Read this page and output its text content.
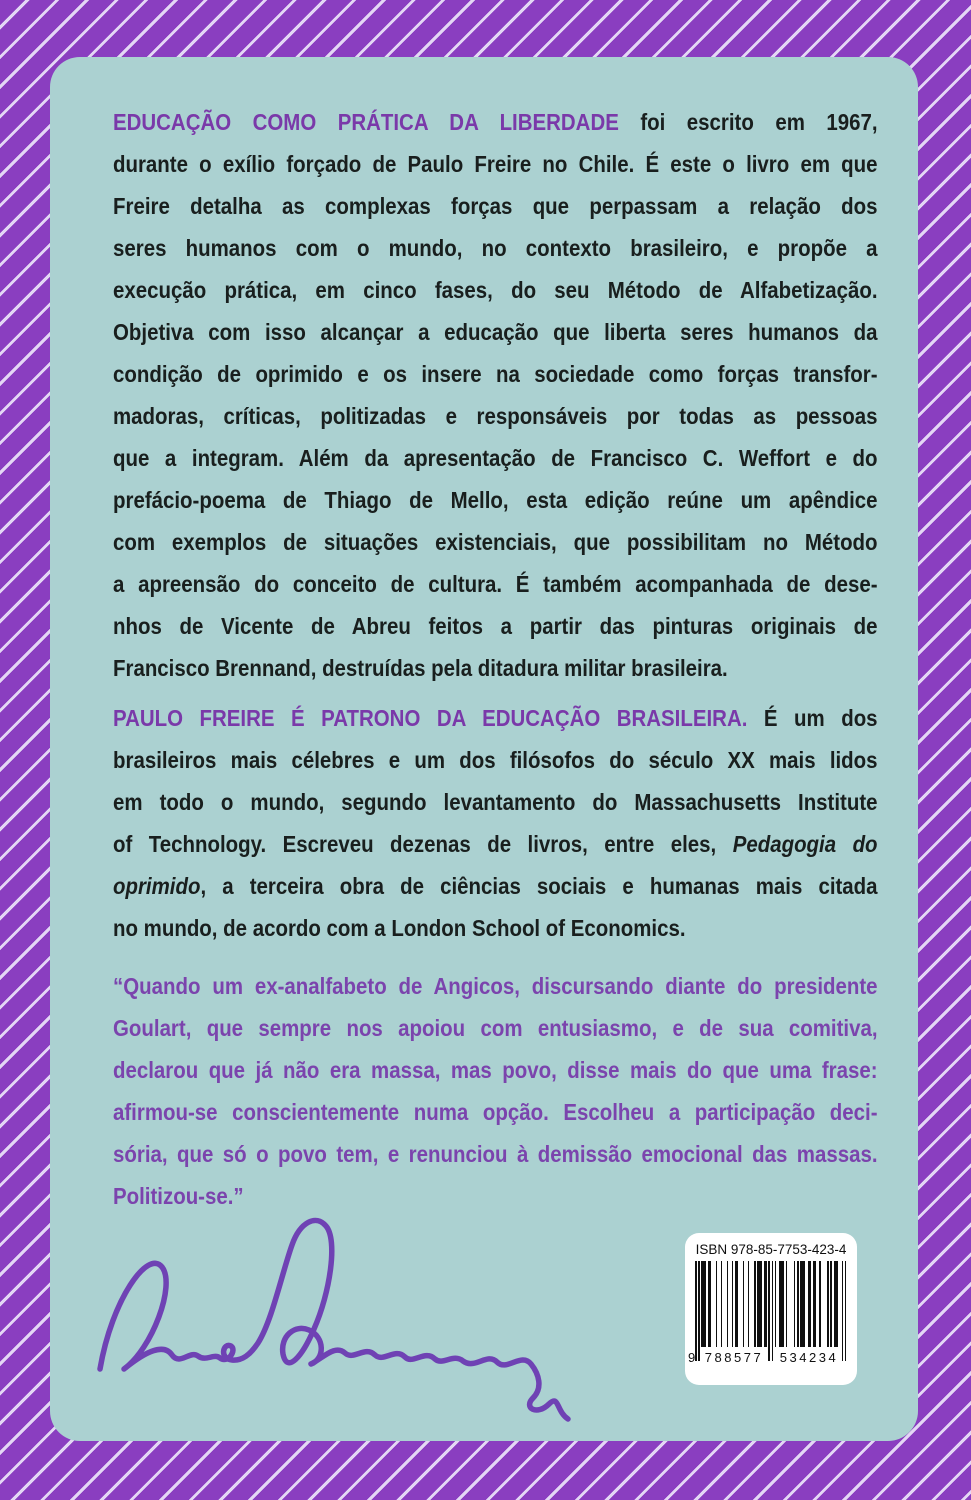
EDUCAÇÃO COMO PRÁTICA DA LIBERDADE foi escrito em 1967,
durante o exílio forçado de Paulo Freire no Chile. É este o livro em que
Freire detalha as complexas forças que perpassam a relação dos
seres humanos com o mundo, no contexto brasileiro, e propõe a
execução prática, em cinco fases, do seu Método de Alfabetização.
Objetiva com isso alcançar a educação que liberta seres humanos da
condição de oprimido e os insere na sociedade como forças transfor-
madoras, críticas, politizadas e responsáveis por todas as pessoas
que a integram. Além da apresentação de Francisco C. Weffort e do
prefácio-poema de Thiago de Mello, esta edição reúne um apêndice
com exemplos de situações existenciais, que possibilitam no Método
a apreensão do conceito de cultura. É também acompanhada de dese-
nhos de Vicente de Abreu feitos a partir das pinturas originais de
Francisco Brennand, destruídas pela ditadura militar brasileira.
PAULO FREIRE É PATRONO DA EDUCAÇÃO BRASILEIRA. É um dos
brasileiros mais célebres e um dos filósofos do século XX mais lidos
em todo o mundo, segundo levantamento do Massachusetts Institute
of Technology. Escreveu dezenas de livros, entre eles, Pedagogia do
oprimido, a terceira obra de ciências sociais e humanas mais citada
no mundo, de acordo com a London School of Economics.
“Quando um ex-analfabeto de Angicos, discursando diante do presidente
Goulart, que sempre nos apoiou com entusiasmo, e de sua comitiva,
declarou que já não era massa, mas povo, disse mais do que uma frase:
afirmou-se conscientemente numa opção. Escolheu a participação deci-
sória, que só o povo tem, e renunciou à demissão emocional das massas.
Politizou-se.”
ISBN 978-85-7753-423-4
9 788577 534234
